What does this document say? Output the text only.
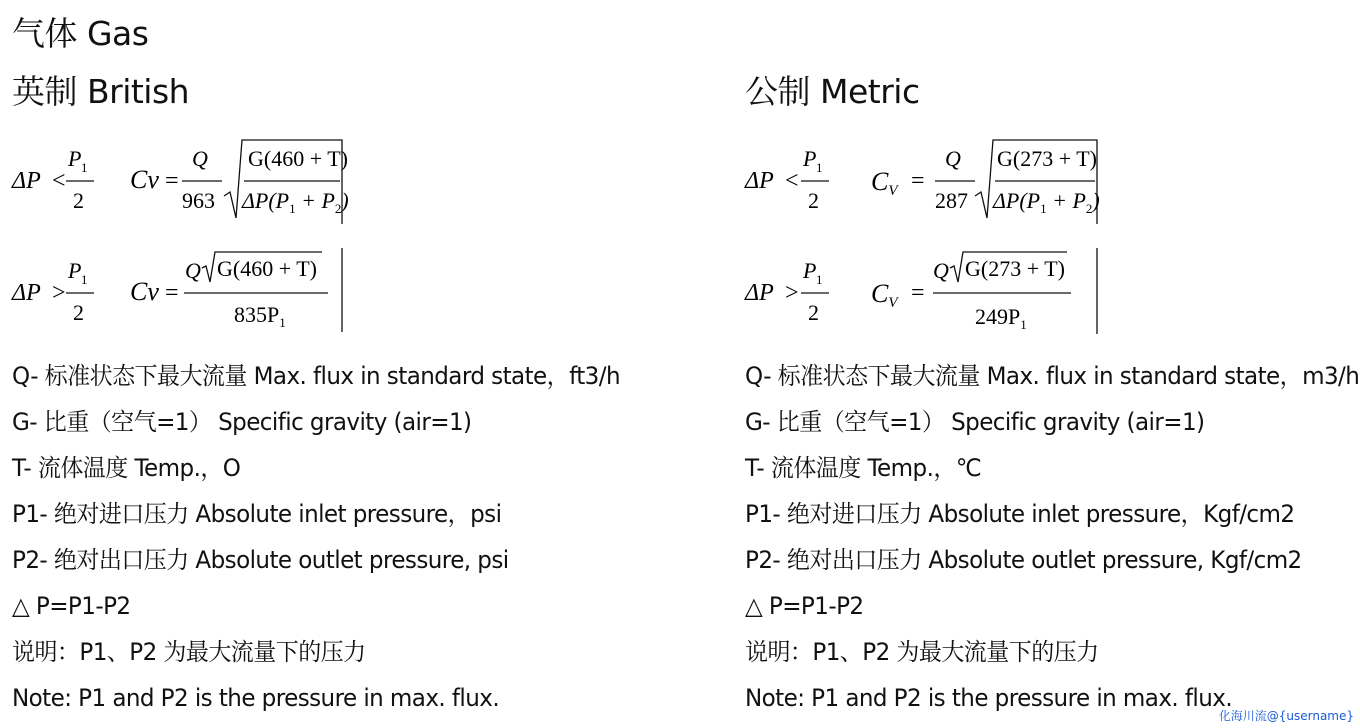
气体 Gas
英制 British
ΔP <
P 1
2
Cv =
Q
963
G(460 + T)
$\Delta P(P_1 + P_2)$
ΔP >
P 1
2
Cv =
Q G(460 + T)
$835P_1$
Q- 标准状态下最大流量 Max. flux in standard state，ft3/h
G- 比重（空气=1） Specific gravity (air=1)
T- 流体温度 Temp.，O
P1- 绝对进口压力 Absolute inlet pressure，psi
P2- 绝对出口压力 Absolute outlet pressure, psi
△ P=P1-P2
说明：P1、P2 为最大流量下的压力
Note: P1 and P2 is the pressure in max. flux.
公制 Metric
ΔP <
P 1
2
CV =
Q
287
G(273 + T)
$\Delta P(P_1 + P_2)$
ΔP >
P 1
2
CV =
Q G(273 + T)
$249P_1$
Q- 标准状态下最大流量 Max. flux in standard state，m3/h
G- 比重（空气=1） Specific gravity (air=1)
T- 流体温度 Temp.，℃
P1- 绝对进口压力 Absolute inlet pressure，Kgf/cm2
P2- 绝对出口压力 Absolute outlet pressure, Kgf/cm2
△ P=P1-P2
说明：P1、P2 为最大流量下的压力
Note: P1 and P2 is the pressure in max. flux.
化海川流@{username}
